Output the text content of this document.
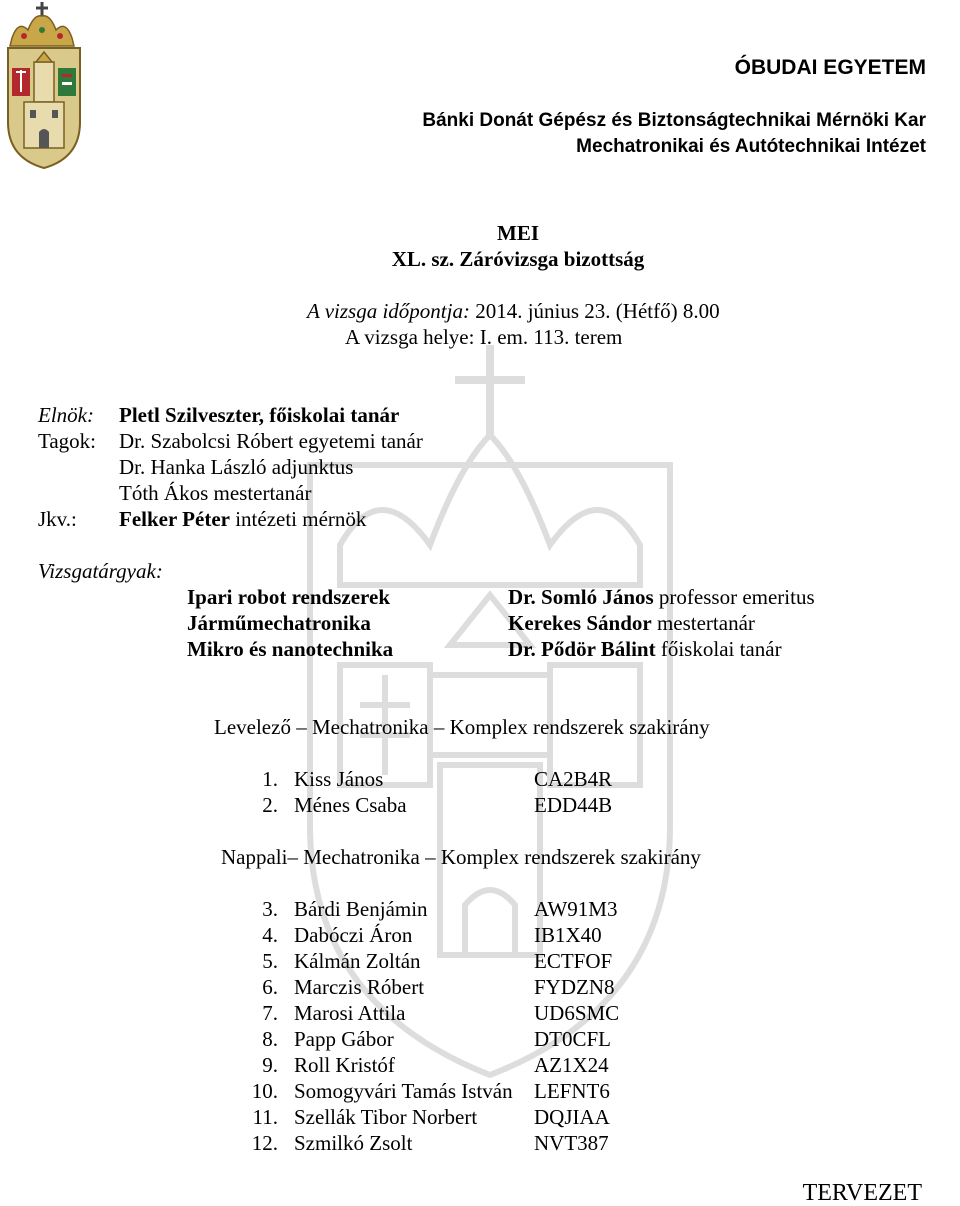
ÓBUDAI EGYETEM
Bánki Donát Gépész és Biztonságtechnikai Mérnöki Kar
Mechatronikai és Autótechnikai Intézet
MEI
XL. sz. Záróvizsga bizottság
A vizsga időpontja: 2014. június 23. (Hétfő) 8.00
A vizsga helye: I. em. 113. terem
Elnök: Pletl Szilveszter, főiskolai tanár
Tagok: Dr. Szabolcsi Róbert egyetemi tanár
Dr. Hanka László adjunktus
Tóth Ákos mestertanár
Jkv.: Felker Péter intézeti mérnök
Vizsgatárgyak:
Ipari robot rendszerek	Dr. Somló János professor emeritus
Járműmechatronika	Kerekes Sándor mestertanár
Mikro és nanotechnika	Dr. Pődör Bálint főiskolai tanár
Levelező – Mechatronika – Komplex rendszerek szakirány
1. Kiss János	CA2B4R
2. Ménes Csaba	EDD44B
Nappali– Mechatronika – Komplex rendszerek szakirány
3. Bárdi Benjámin	AW91M3
4. Dabóczi Áron	IB1X40
5. Kálmán Zoltán	ECTFOF
6. Marczis Róbert	FYDZN8
7. Marosi Attila	UD6SMC
8. Papp Gábor	DT0CFL
9. Roll Kristóf	AZ1X24
10. Somogyvári Tamás István LEFNT6
11. Szellák Tibor Norbert	DQJIAA
12. Szmilkó Zsolt	NVT387
TERVEZET
